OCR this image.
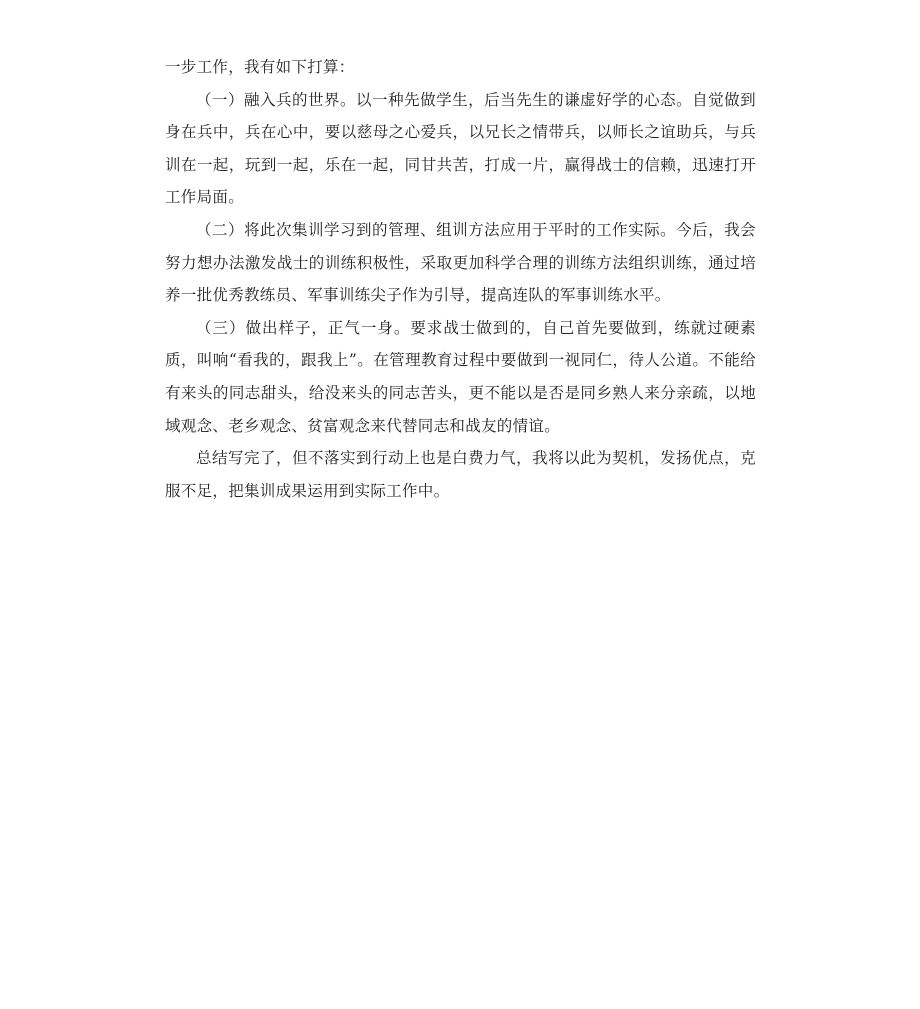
一步工作，我有如下打算：

（一）融入兵的世界。以一种先做学生，后当先生的谦虚好学的心态。自觉做到身在兵中，兵在心中，要以慈母之心爱兵，以兄长之情带兵，以师长之谊助兵，与兵训在一起，玩到一起，乐在一起，同甘共苦，打成一片，赢得战士的信赖，迅速打开工作局面。

（二）将此次集训学习到的管理、组训方法应用于平时的工作实际。今后，我会努力想办法激发战士的训练积极性，采取更加科学合理的训练方法组织训练，通过培养一批优秀教练员、军事训练尖子作为引导，提高连队的军事训练水平。

（三）做出样子，正气一身。要求战士做到的，自己首先要做到，练就过硬素质，叫响“看我的，跟我上”。在管理教育过程中要做到一视同仁，待人公道。不能给有来头的同志甜头，给没来头的同志苦头，更不能以是否是同乡熟人来分亲疏，以地域观念、老乡观念、贫富观念来代替同志和战友的情谊。

总结写完了，但不落实到行动上也是白费力气，我将以此为契机，发扬优点，克服不足，把集训成果运用到实际工作中。
